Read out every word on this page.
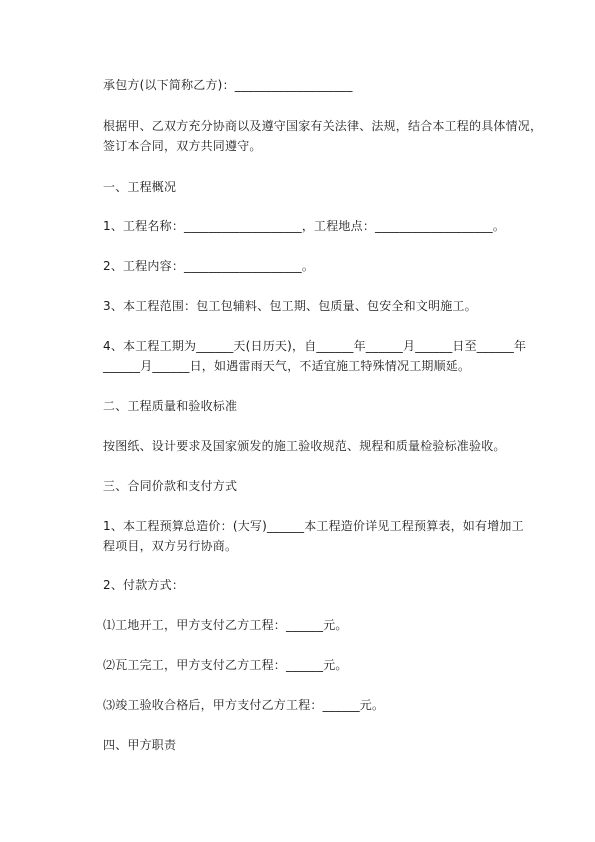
承包方(以下简称乙方)：___________________
根据甲、乙双方充分协商以及遵守国家有关法律、法规，结合本工程的具体情况，
签订本合同，双方共同遵守。
一、工程概况
1、工程名称：___________________，工程地点：___________________。
2、工程内容：___________________。
3、本工程范围：包工包辅料、包工期、包质量、包安全和文明施工。
4、本工程工期为______天(日历天)，自______年______月______日至______年
______月______日，如遇雷雨天气，不适宜施工特殊情况工期顺延。
二、工程质量和验收标准
按图纸、设计要求及国家颁发的施工验收规范、规程和质量检验标准验收。
三、合同价款和支付方式
1、本工程预算总造价：(大写)______本工程造价详见工程预算表，如有增加工
程项目，双方另行协商。
2、付款方式：
⑴工地开工，甲方支付乙方工程：______元。
⑵瓦工完工，甲方支付乙方工程：______元。
⑶竣工验收合格后，甲方支付乙方工程：______元。
四、甲方职责
